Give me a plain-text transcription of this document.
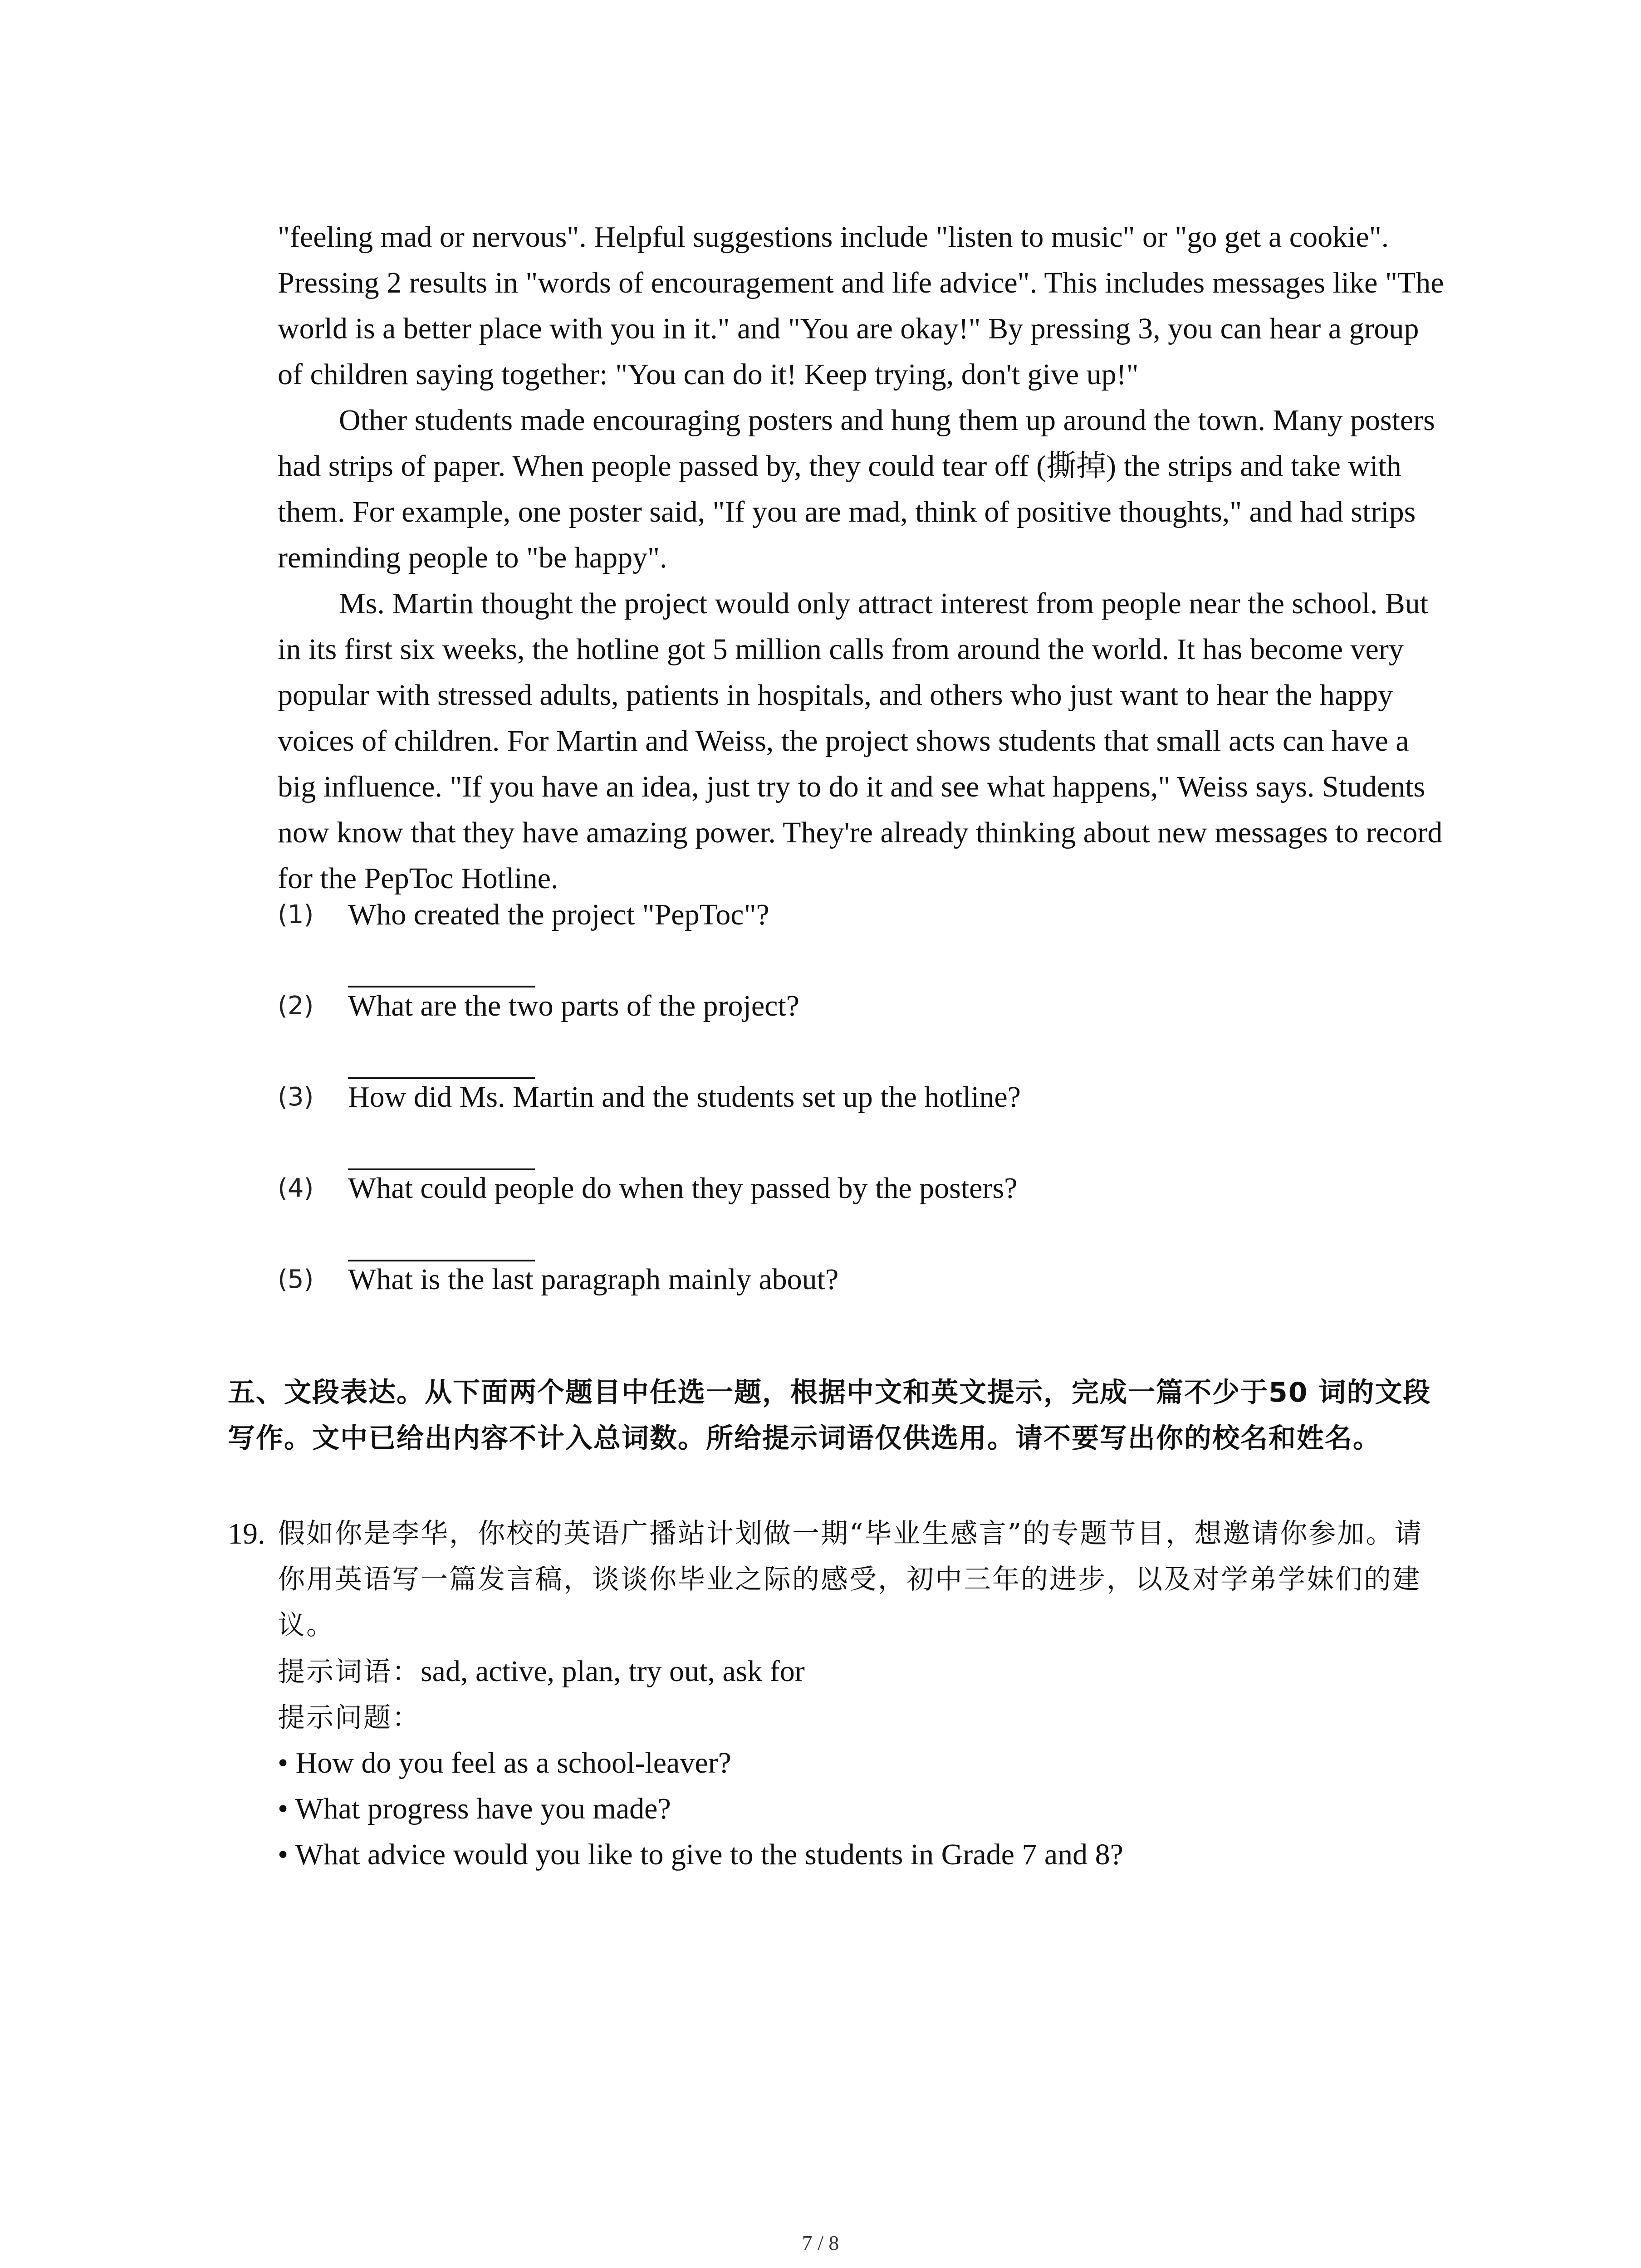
"feeling mad or nervous". Helpful suggestions include "listen to music" or "go get a cookie". Pressing 2 results in "words of encouragement and life advice". This includes messages like "The world is a better place with you in it." and "You are okay!" By pressing 3, you can hear a group of children saying together: "You can do it! Keep trying, don't give up!"

Other students made encouraging posters and hung them up around the town. Many posters had strips of paper. When people passed by, they could tear off (撕掉) the strips and take with them. For example, one poster said, "If you are mad, think of positive thoughts," and had strips reminding people to "be happy".

Ms. Martin thought the project would only attract interest from people near the school. But in its first six weeks, the hotline got 5 million calls from around the world. It has become very popular with stressed adults, patients in hospitals, and others who just want to hear the happy voices of children. For Martin and Weiss, the project shows students that small acts can have a big influence. "If you have an idea, just try to do it and see what happens," Weiss says. Students now know that they have amazing power. They're already thinking about new messages to record for the PepToc Hotline.

(1) Who created the project "PepToc"?
(2) What are the two parts of the project?
(3) How did Ms. Martin and the students set up the hotline?
(4) What could people do when they passed by the posters?
(5) What is the last paragraph mainly about?

五、文段表达。从下面两个题目中任选一题，根据中文和英文提示，完成一篇不少于50 词的文段写作。文中已给出内容不计入总词数。所给提示词语仅供选用。请不要写出你的校名和姓名。

19. 假如你是李华，你校的英语广播站计划做一期“毕业生感言”的专题节目，想邀请你参加。请你用英语写一篇发言稿，谈谈你毕业之际的感受，初中三年的进步，以及对学弟学妹们的建议。

提示词语：sad, active, plan, try out, ask for
提示问题：
• How do you feel as a school-leaver?
• What progress have you made?
• What advice would you like to give to the students in Grade 7 and 8?
7 / 8
